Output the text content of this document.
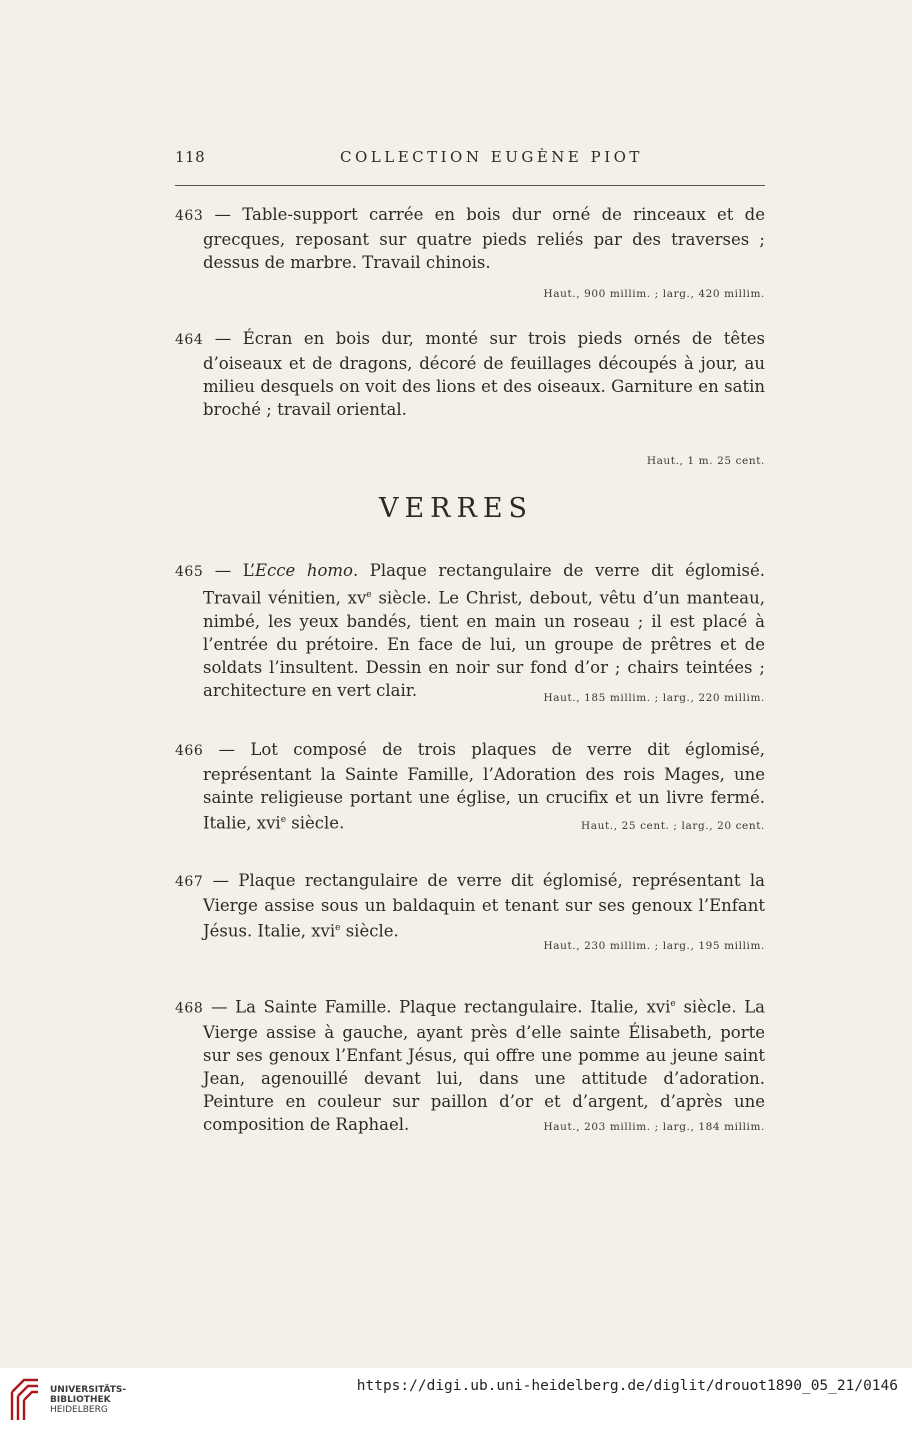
118	COLLECTION EUGÈNE PIOT

463 — Table-support carrée en bois dur orné de rinceaux et de grecques, reposant sur quatre pieds reliés par des traverses ; dessus de marbre. Travail chinois.

Haut., 900 millim. ; larg., 420 millim.

464 — Écran en bois dur, monté sur trois pieds ornés de têtes d’oiseaux et de dragons, décoré de feuillages découpés à jour, au milieu desquels on voit des lions et des oiseaux. Garniture en satin broché ; travail oriental.

Haut., 1 m. 25 cent.
VERRES

465 — L’Ecce homo. Plaque rectangulaire de verre dit églomisé. Travail vénitien, $xv^e$ siècle. Le Christ, debout, vêtu d’un manteau, nimbé, les yeux bandés, tient en main un roseau ; il est placé à l’entrée du prétoire. En face de lui, un groupe de prêtres et de soldats l’insultent. Dessin en noir sur fond d’or ; chairs teintées ; architecture en vert clair.	Haut., 185 millim. ; larg., 220 millim.

466 — Lot composé de trois plaques de verre dit églomisé, représentant la Sainte Famille, l’Adoration des rois Mages, une sainte religieuse portant une église, un crucifix et un livre fermé. Italie, xvi$^e$ siècle.	Haut., 25 cent. ; larg., 20 cent.

467 — Plaque rectangulaire de verre dit églomisé, représentant la Vierge assise sous un baldaquin et tenant sur ses genoux l’Enfant Jésus. Italie, xvi$^e$ siècle.

Haut., 230 millim. ; larg., 195 millim.

468 — La Sainte Famille. Plaque rectangulaire. Italie, xvi$^e$ siècle. La Vierge assise à gauche, ayant près d’elle sainte Élisabeth, porte sur ses genoux l’Enfant Jésus, qui offre une pomme au jeune saint Jean, agenouillé devant lui, dans une attitude d’adoration. Peinture en couleur sur paillon d’or et d’argent, d’après une composition de Raphael.	Haut., 203 millim. ; larg., 184 millim.
UNIVERSITÄTS-
BIBLIOTHEK
HEIDELBERG
https://digi.ub.uni-heidelberg.de/diglit/drouot1890_05_21/0146
